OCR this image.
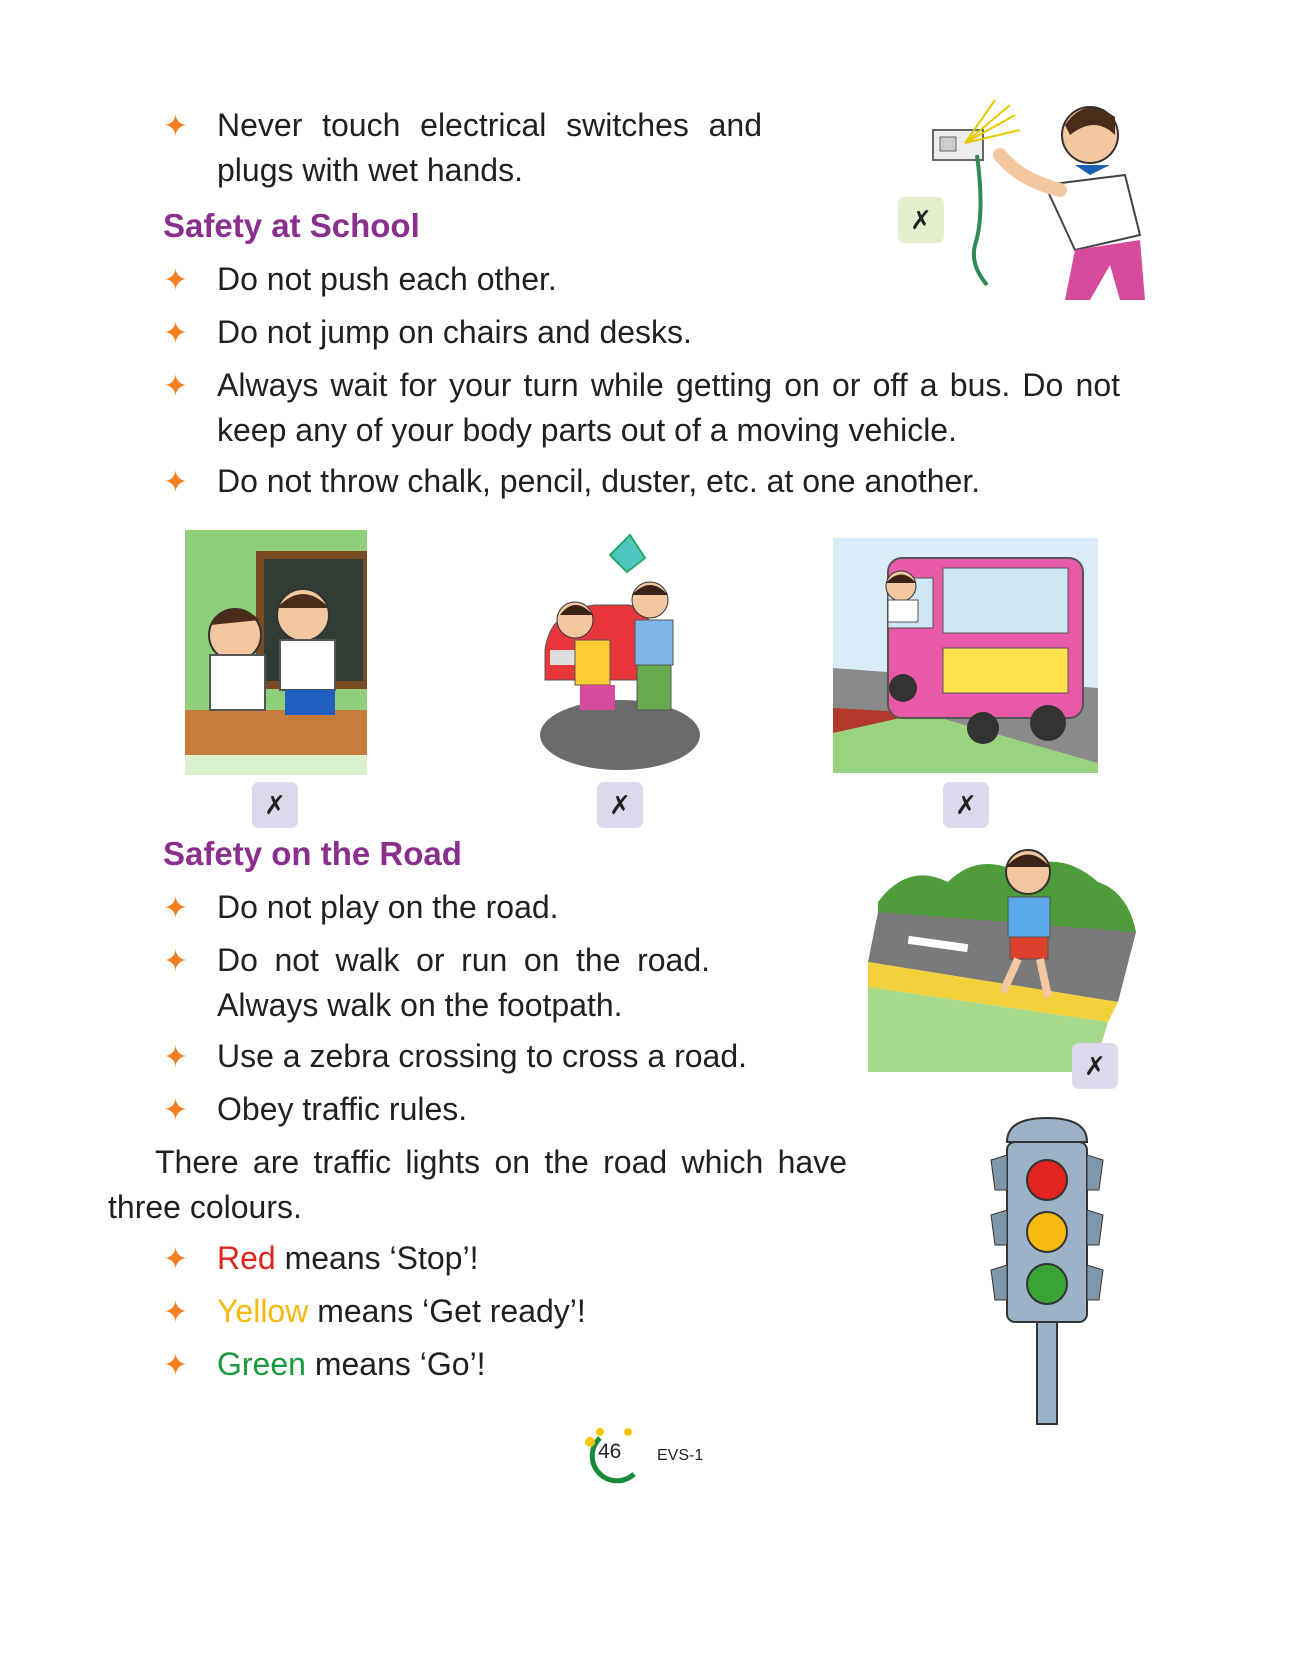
✦ Never touch electrical switches and
plugs with wet hands.
✗
Safety at School
✦ Do not push each other.
✦ Do not jump on chairs and desks.
✦ Always wait for your turn while getting on or off a bus. Do not
keep any of your body parts out of a moving vehicle.
✦ Do not throw chalk, pencil, duster, etc. at one another.
✗	✗	✗
Safety on the Road
✦ Do not play on the road.
✦ Do not walk or run on the road.
Always walk on the footpath.
✦ Use a zebra crossing to cross a road.
✦ Obey traffic rules.
✗
There are traffic lights on the road which have
three colours.
✦ Red means ‘Stop’!
✦ Yellow means ‘Get ready’!
✦ Green means ‘Go’!
46 EVS-1
